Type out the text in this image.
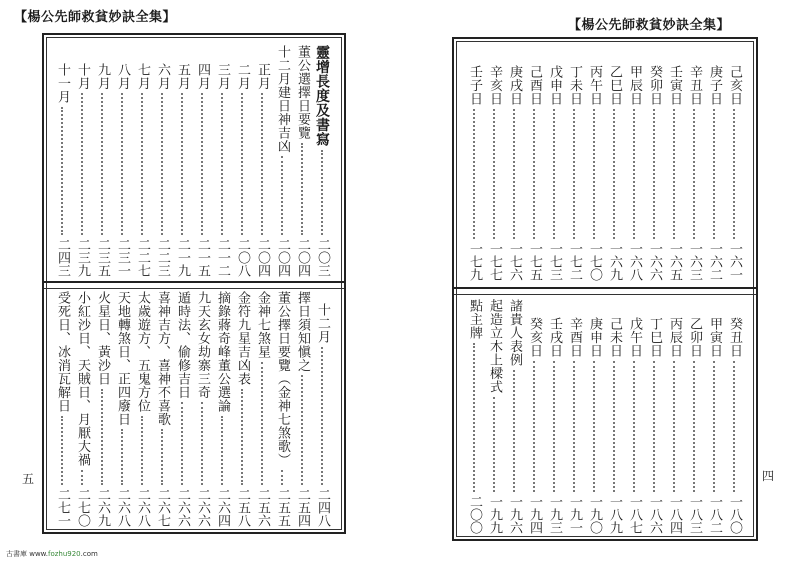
【楊公先師救貧妙訣全集】
【楊公先師救貧妙訣全集】
靈增長度及書寫
二〇三
董公選擇日要覽
二〇四
十二月建日神吉凶
二〇四
正月
二〇四
二月
二〇八
三月
二一二
四月
二一五
五月
二一九
六月
二二三
七月
二二七
八月
二三一
九月
二三五
十月
二三九
十一月
二四三
十二月
二四八
擇日須知愼之
二五四
董公擇日要覽（金神七煞歌）
二五五
金神七煞星
二五六
金符九星吉凶表
二五八
摘錄蔣奇峰董公選論
二六四
九天玄女劫寨三奇
二六六
遁時法、偷修吉日
二六六
喜神吉方、喜神不喜歌
二六七
太歲遊方、五鬼方位
二六八
天地轉煞日、正四廢日
二六八
火星日、黃沙日
二六九
小紅沙日、天賊日、月厭大禍
二七〇
受死日、冰消瓦解日
二七一
己亥日
一六一
庚子日
一六二
辛丑日
一六三
壬寅日
一六五
癸卯日
一六六
甲辰日
一六八
乙巳日
一六九
丙午日
一七〇
丁未日
一七二
戊申日
一七三
己酉日
一七五
庚戌日
一七六
辛亥日
一七七
壬子日
一七九
癸丑日
一八〇
甲寅日
一八二
乙卯日
一八三
丙辰日
一八四
丁巳日
一八六
戊午日
一八七
己未日
一八九
庚申日
一九〇
辛酉日
一九一
壬戌日
一九三
癸亥日
一九四
諸貴人表例
一九六
起造立木上樑式
一九九
點主牌
二〇〇
五	四
古書庫 www.fozhu920.com
